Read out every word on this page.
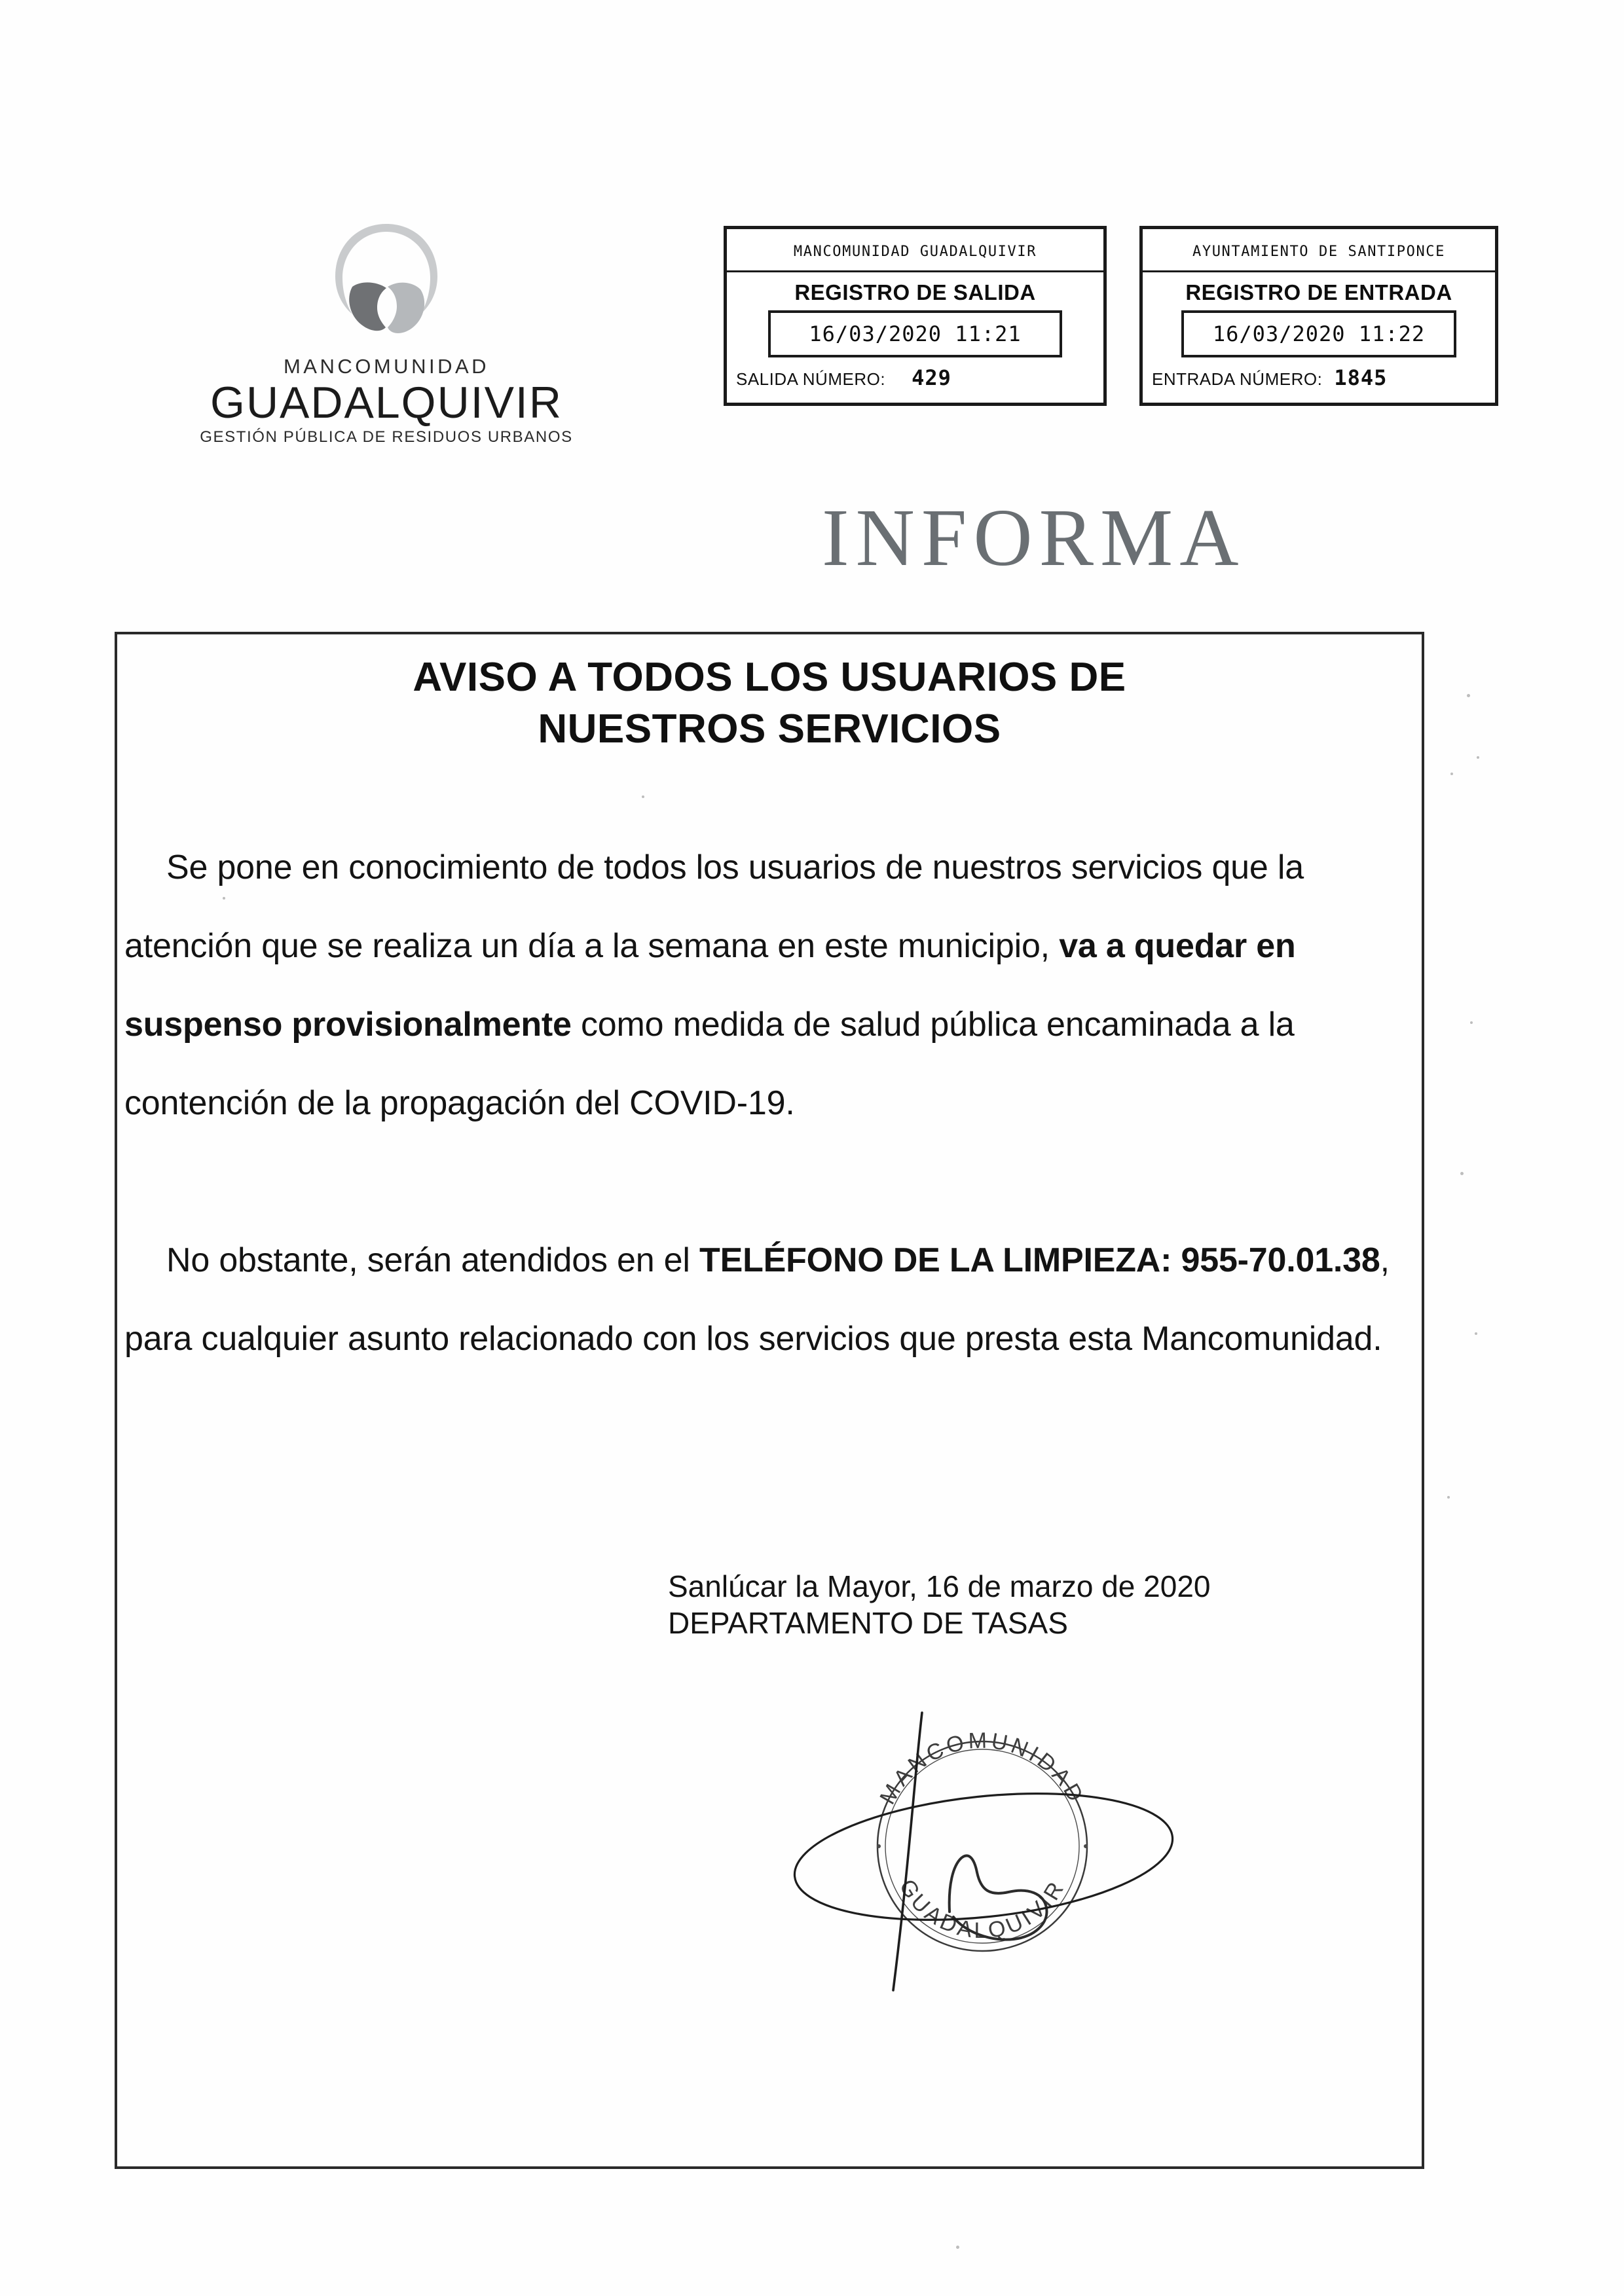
MANCOMUNIDAD
GUADALQUIVIR
GESTIÓN PÚBLICA DE RESIDUOS URBANOS
MANCOMUNIDAD GUADALQUIVIR
REGISTRO DE SALIDA
16/03/2020 11:21
SALIDA NÚMERO: 429
AYUNTAMIENTO DE SANTIPONCE
REGISTRO DE ENTRADA
16/03/2020 11:22
ENTRADA NÚMERO: 1845
INFORMA
AVISO A TODOS LOS USUARIOS DE
NUESTROS SERVICIOS

Se pone en conocimiento de todos los usuarios de nuestros servicios que la atención que se realiza un día a la semana en este municipio, va a quedar en suspenso provisionalmente como medida de salud pública encaminada a la contención de la propagación del COVID-19.

No obstante, serán atendidos en el TELÉFONO DE LA LIMPIEZA: 955-70.01.38, para cualquier asunto relacionado con los servicios que presta esta Mancomunidad.

Sanlúcar la Mayor, 16 de marzo de 2020
DEPARTAMENTO DE TASAS
MANCOMUNIDAD
GUADALQUIVIR
